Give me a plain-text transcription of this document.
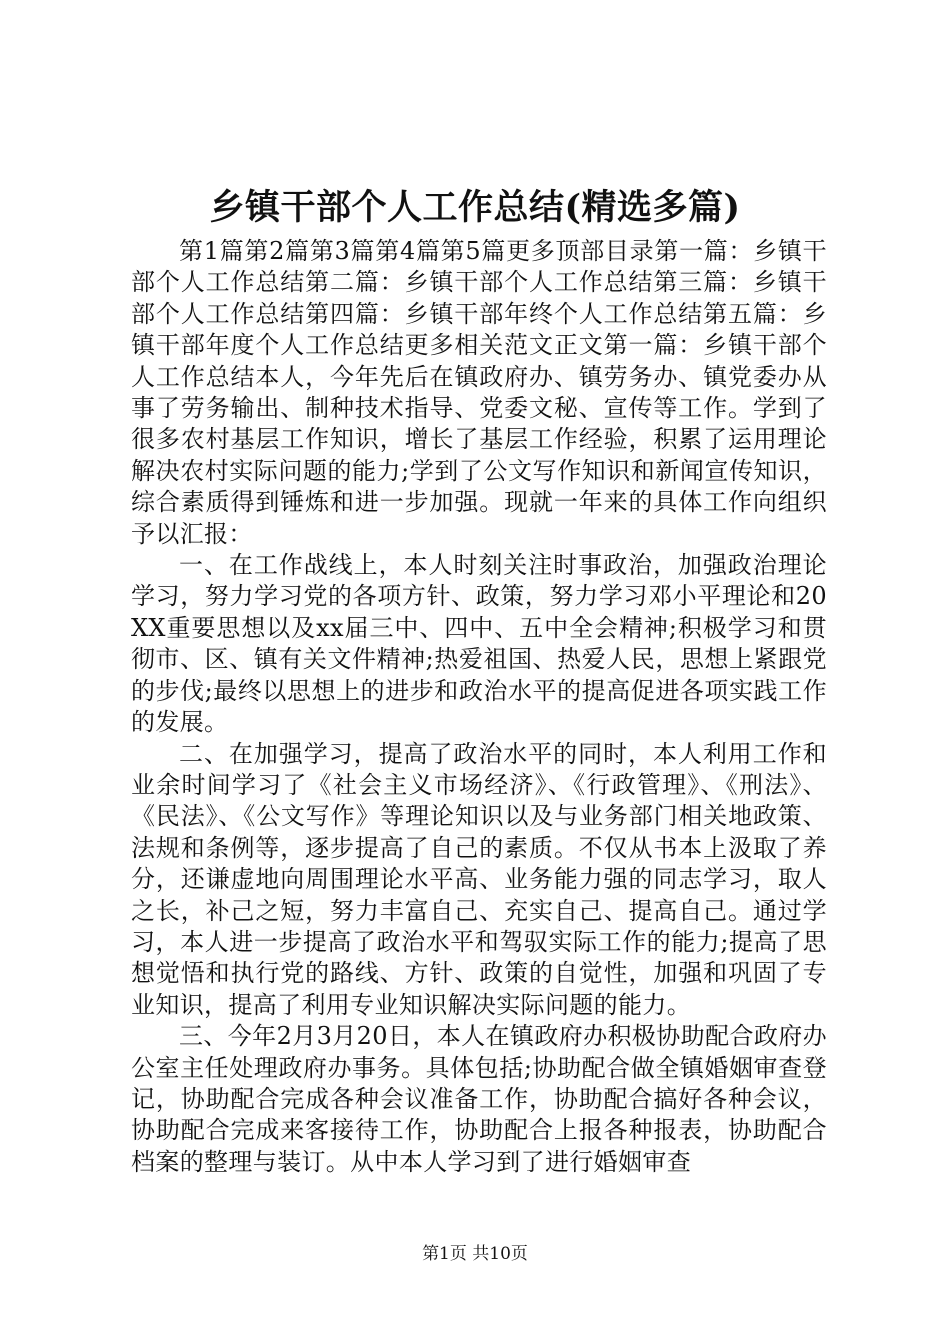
乡镇干部个人工作总结(精选多篇)

第1篇第2篇第3篇第4篇第5篇更多顶部目录第一篇：乡镇干部个人工作总结第二篇：乡镇干部个人工作总结第三篇：乡镇干部个人工作总结第四篇：乡镇干部年终个人工作总结第五篇：乡镇干部年度个人工作总结更多相关范文正文第一篇：乡镇干部个人工作总结本人，今年先后在镇政府办、镇劳务办、镇党委办从事了劳务输出、制种技术指导、党委文秘、宣传等工作。学到了很多农村基层工作知识，增长了基层工作经验，积累了运用理论解决农村实际问题的能力;学到了公文写作知识和新闻宣传知识，综合素质得到锤炼和进一步加强。现就一年来的具体工作向组织予以汇报：

一、在工作战线上，本人时刻关注时事政治，加强政治理论学习，努力学习党的各项方针、政策，努力学习邓小平理论和20XX重要思想以及xx届三中、四中、五中全会精神;积极学习和贯彻市、区、镇有关文件精神;热爱祖国、热爱人民，思想上紧跟党的步伐;最终以思想上的进步和政治水平的提高促进各项实践工作的发展。

二、在加强学习，提高了政治水平的同时，本人利用工作和业余时间学习了《社会主义市场经济》、《行政管理》、《刑法》、《民法》、《公文写作》等理论知识以及与业务部门相关地政策、法规和条例等，逐步提高了自己的素质。不仅从书本上汲取了养分，还谦虚地向周围理论水平高、业务能力强的同志学习，取人之长，补己之短，努力丰富自己、充实自己、提高自己。通过学习，本人进一步提高了政治水平和驾驭实际工作的能力;提高了思想觉悟和执行党的路线、方针、政策的自觉性，加强和巩固了专业知识，提高了利用专业知识解决实际问题的能力。

三、今年2月3月20日，本人在镇政府办积极协助配合政府办公室主任处理政府办事务。具体包括;协助配合做全镇婚姻审查登记，协助配合完成各种会议准备工作，协助配合搞好各种会议，协助配合完成来客接待工作，协助配合上报各种报表，协助配合档案的整理与装订。从中本人学习到了进行婚姻审查

第1页 共10页
